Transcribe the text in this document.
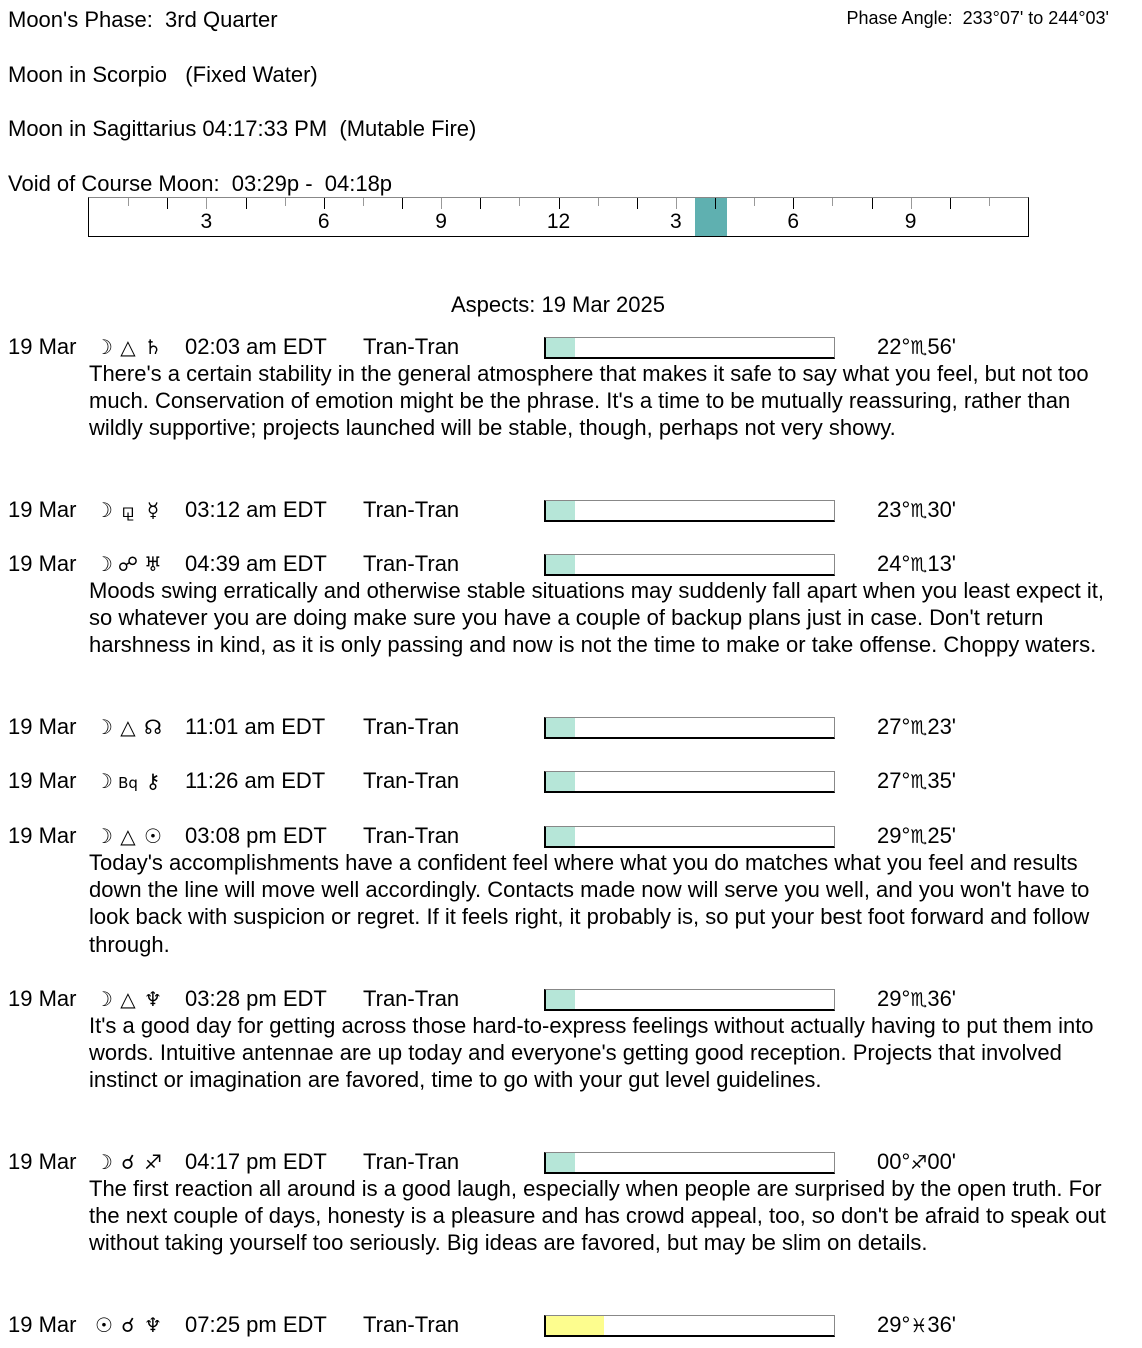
Moon's Phase:  3rd Quarter	Phase Angle:  233°07' to 244°03'
Moon in Scorpio   (Fixed Water)
Moon in Sagittarius 04:17:33 PM  (Mutable Fire)
Void of Course Moon:  03:29p -  04:18p
3	6	9	12	3	6	9
Aspects: 19 Mar 2025
19 Mar ☽ △ ♄ 02:03 am EDT Tran-Tran	22°♏56'
There's a certain stability in the general atmosphere that makes it safe to say what you feel, but not too much. Conservation of emotion might be the phrase. It's a time to be mutually reassuring, rather than wildly supportive; projects launched will be stable, though, perhaps not very showy.
19 Mar ☽ ⚼ ☿	03:12 am EDT Tran-Tran	23°♏30'
19 Mar ☽ ☍ ♅ 04:39 am EDT Tran-Tran	24°♏13'
Moods swing erratically and otherwise stable situations may suddenly fall apart when you least expect it, so whatever you are doing make sure you have a couple of backup plans just in case. Don't return harshness in kind, as it is only passing and now is not the time to make or take offense. Choppy waters.
19 Mar ☽ △ ☊ 11:01 am EDT Tran-Tran	27°♏23'
19 Mar ☽ Bq ⚷ 11:26 am EDT Tran-Tran	27°♏35'
19 Mar ☽ △ ☉ 03:08 pm EDT Tran-Tran	29°♏25'
Today's accomplishments have a confident feel where what you do matches what you feel and results down the line will move well accordingly. Contacts made now will serve you well, and you won't have to look back with suspicion or regret. If it feels right, it probably is, so put your best foot forward and follow through.
19 Mar ☽ △ ♆ 03:28 pm EDT Tran-Tran	29°♏36'
It's a good day for getting across those hard-to-express feelings without actually having to put them into words. Intuitive antennae are up today and everyone's getting good reception. Projects that involved instinct or imagination are favored, time to go with your gut level guidelines.
19 Mar ☽ ☌ ♐ 04:17 pm EDT Tran-Tran	00°♐00'
The first reaction all around is a good laugh, especially when people are surprised by the open truth. For the next couple of days, honesty is a pleasure and has crowd appeal, too, so don't be afraid to speak out without taking yourself too seriously. Big ideas are favored, but may be slim on details.
19 Mar ☉ ☌ ♆ 07:25 pm EDT Tran-Tran	29°♓36'
